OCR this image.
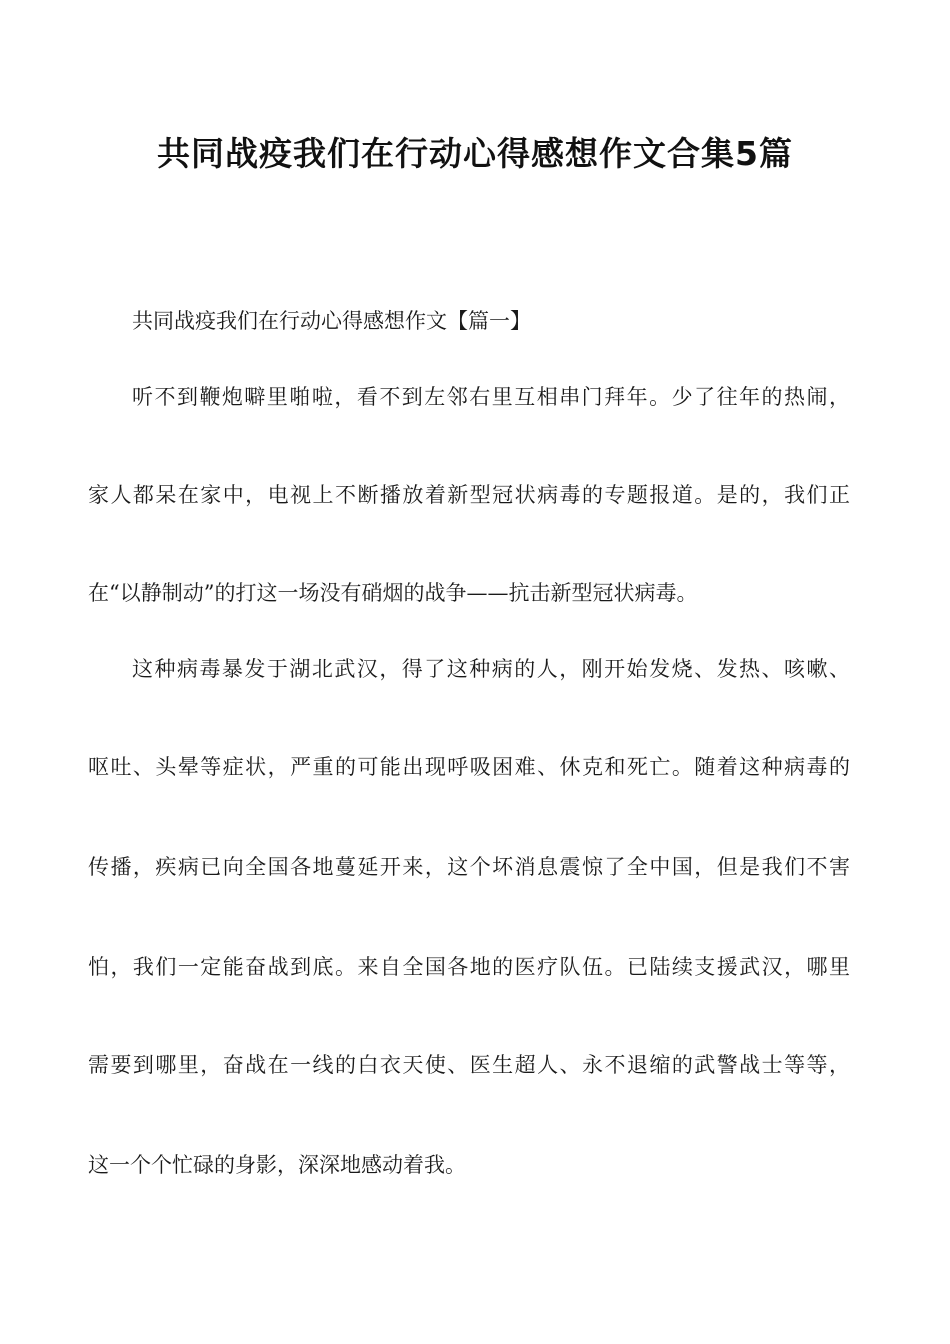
共同战疫我们在行动心得感想作文合集5篇

共同战疫我们在行动心得感想作文【篇一】

听不到鞭炮噼里啪啦，看不到左邻右里互相串门拜年。少了往年的热闹，

家人都呆在家中，电视上不断播放着新型冠状病毒的专题报道。是的，我们正

在“以静制动”的打这一场没有硝烟的战争——抗击新型冠状病毒。

这种病毒暴发于湖北武汉，得了这种病的人，刚开始发烧、发热、咳嗽、

呕吐、头晕等症状，严重的可能出现呼吸困难、休克和死亡。随着这种病毒的

传播，疾病已向全国各地蔓延开来，这个坏消息震惊了全中国，但是我们不害

怕，我们一定能奋战到底。来自全国各地的医疗队伍。已陆续支援武汉，哪里

需要到哪里，奋战在一线的白衣天使、医生超人、永不退缩的武警战士等等，

这一个个忙碌的身影，深深地感动着我。
